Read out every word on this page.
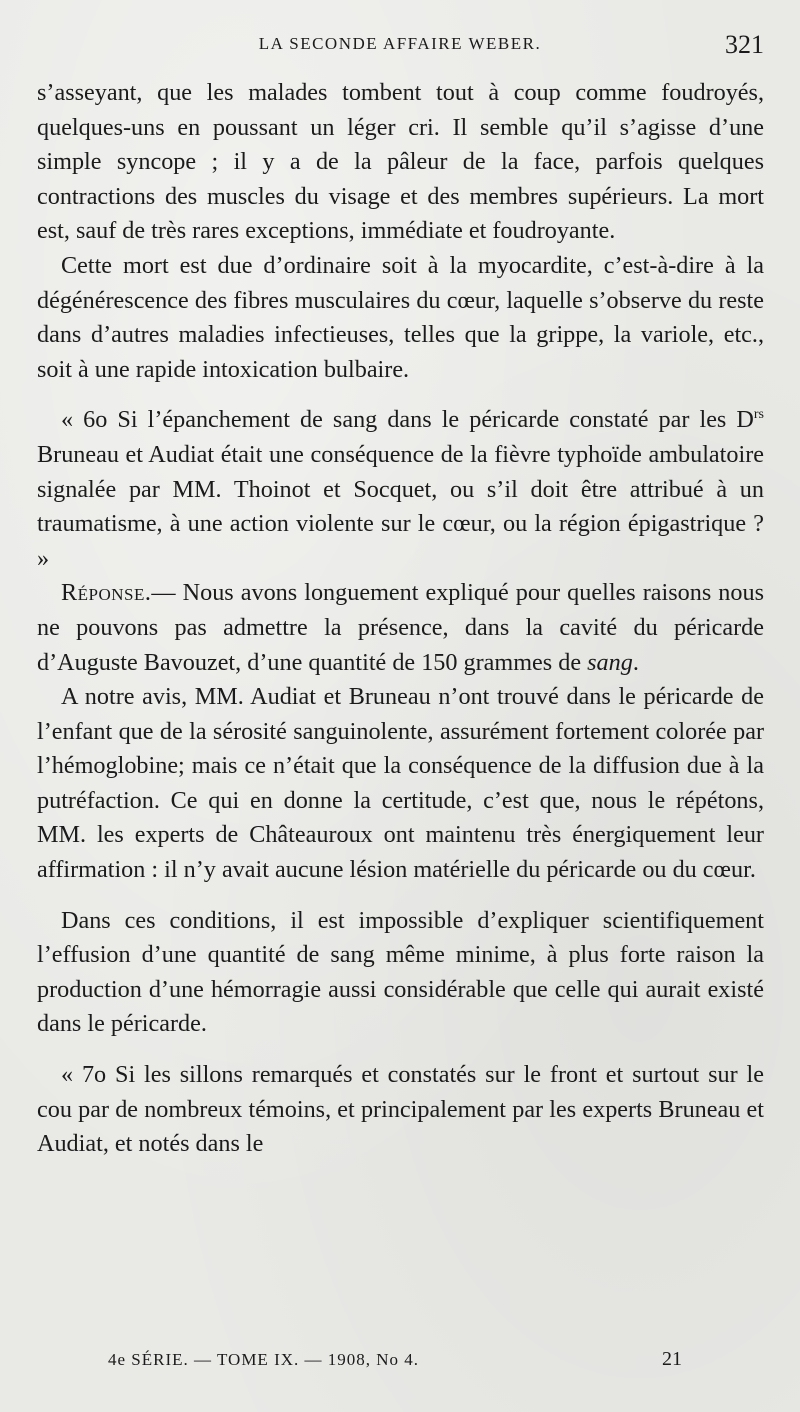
LA SECONDE AFFAIRE WEBER.	321

s’asseyant, que les malades tombent tout à coup comme foudroyés, quelques-uns en poussant un léger cri. Il semble qu’il s’agisse d’une simple syncope ; il y a de la pâleur de la face, parfois quelques contractions des muscles du visage et des membres supérieurs. La mort est, sauf de très rares exceptions, immédiate et foudroyante.

Cette mort est due d’ordinaire soit à la myocardite, c’est-à-dire à la dégénérescence des fibres musculaires du cœur, laquelle s’observe du reste dans d’autres maladies infectieuses, telles que la grippe, la variole, etc., soit à une rapide intoxication bulbaire.

« 6o Si l’épanchement de sang dans le péricarde constaté par les $D^{rs}$ Bruneau et Audiat était une conséquence de la fièvre typhoïde ambulatoire signalée par MM. Thoinot et Socquet, ou s’il doit être attribué à un traumatisme, à une action violente sur le cœur, ou la région épigastrique ? »

Réponse.— Nous avons longuement expliqué pour quelles raisons nous ne pouvons pas admettre la présence, dans la cavité du péricarde d’Auguste Bavouzet, d’une quantité de 150 grammes de sang.

A notre avis, MM. Audiat et Bruneau n’ont trouvé dans le péricarde de l’enfant que de la sérosité sanguinolente, assurément fortement colorée par l’hémoglobine; mais ce n’était que la conséquence de la diffusion due à la putréfaction. Ce qui en donne la certitude, c’est que, nous le répétons, MM. les experts de Châteauroux ont maintenu très énergiquement leur affirmation : il n’y avait aucune lésion matérielle du péricarde ou du cœur.

Dans ces conditions, il est impossible d’expliquer scientifiquement l’effusion d’une quantité de sang même minime, à plus forte raison la production d’une hémorragie aussi considérable que celle qui aurait existé dans le péricarde.

« 7o Si les sillons remarqués et constatés sur le front et surtout sur le cou par de nombreux témoins, et principalement par les experts Bruneau et Audiat, et notés dans le

4e SÉRIE. — TOME IX. — 1908, No 4.	21
